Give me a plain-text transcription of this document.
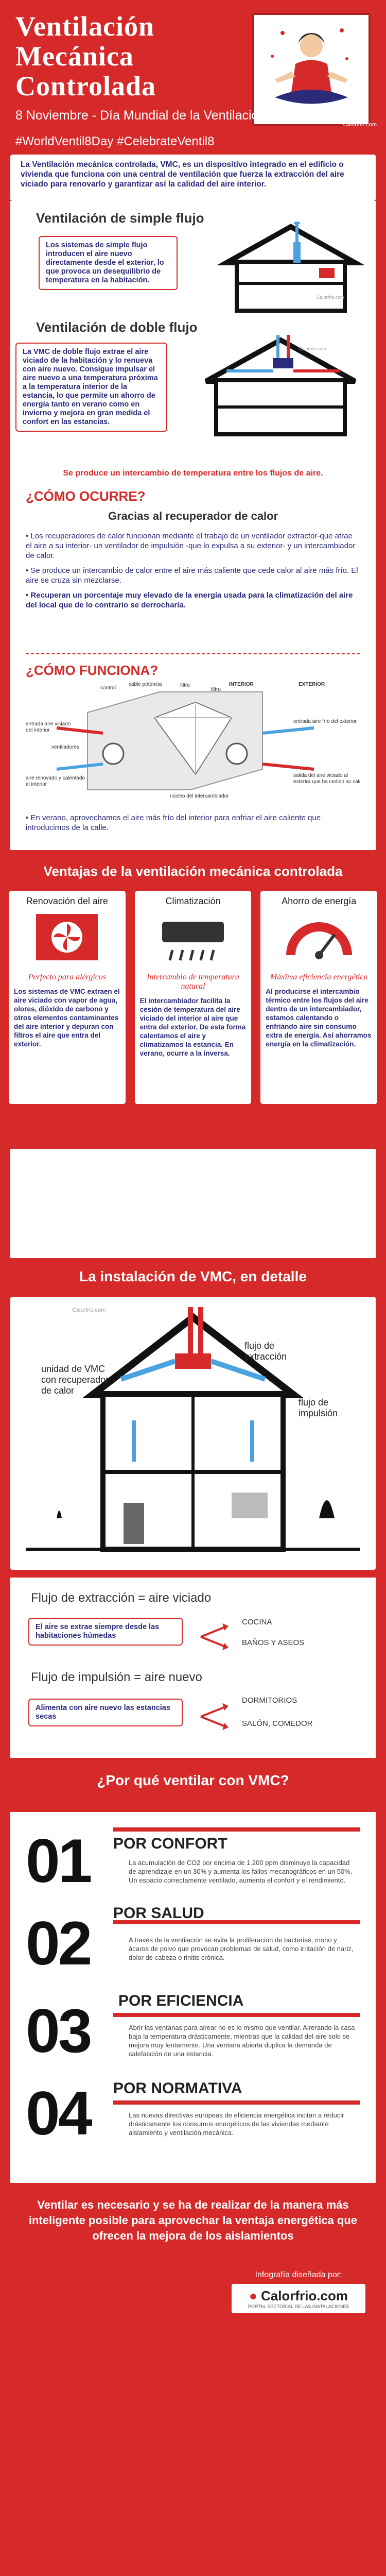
Ventilación
Mecánica
Controlada
Calorfrio.com
8 Noviembre - Día Mundial de la Ventilación
#WorldVentil8Day #CelebrateVentil8

La Ventilación mecánica controlada, VMC, es un dispositivo integrado en el edificio o vivienda que funciona con una central de ventilación que fuerza la extracción del aire viciado para renovarlo y garantizar así la calidad del aire interior.

Ventilación de simple flujo
Los sistemas de simple flujo introducen el aire nuevo directamente desde el exterior, lo que provoca un desequilibrio de temperatura en la habitación.
Calorfrio.com
Ventilación de doble flujo
La VMC de doble flujo extrae el aire viciado de la habitación y lo renueva con aire nuevo. Consigue impulsar el aire nuevo a una temperatura próxima a la temperatura interior de la estancia, lo que permite un ahorro de energía tanto en verano como en invierno y mejora en gran medida el confort en las estancias.
Calorfrio.com
Se produce un intercambio de temperatura entre los flujos de aire.
¿CÓMO OCURRE?
Gracias al recuperador de calor
• Los recuperadores de calor funcionan mediante el trabajo de un ventilador extractor-que atrae el aire a su interior- un ventilador de impulsión -que lo expulsa a su exterior- y un intercambiador de calor.
• Se produce un intercambio de calor entre el aire más caliente que cede calor al aire más frío. El aire se cruza sin mezclarse.
• Recuperan un porcentaje muy elevado de la energía usada para la climatización del aire del local que de lo contrario se derrocharía.
¿CÓMO FUNCIONA?
control
cable potencia	filtro
filtro
INTERIOR	EXTERIOR
entrada aire viciado
del interior
ventiladores
aire renovado y calentado
al interior
núcleo del intercambiador
entrada aire frío del exterior
salida del aire viciado al
exterior que ha cedido su calor
• En verano, aprovechamos el aire más frío del interior para enfriar el aire caliente que introducimos de la calle.
Ventajas de la ventilación mecánica controlada
Renovación del aire
Perfecto para alérgicos

Los sistemas de VMC extraen el aire viciado con vapor de agua, olores, dióxido de carbono y otros elementos contaminantes del aire interior y depuran con filtros el aire que entra del exterior.

Climatización
Intercambio de temperatura natural

El intercambiador facilita la cesión de temperatura del aire viciado del interior al aire que entra del exterior. De esta forma calentamos el aire y climatizamos la estancia. En verano, ocurre a la inversa.

Ahorro de energía
Máxima eficiencia energética

Al producirse el intercambio térmico entre los flujos del aire dentro de un intercambiador, estamos calentando o enfriando aire sin consumo extra de energía. Así ahorramos energía en la climatización.

La instalación de VMC, en detalle
unidad de VMC con recuperador de calor
flujo de extracción
flujo de impulsión
Calorfrio.com
Flujo de extracción = aire viciado
El aire se extrae siempre desde las habitaciones húmedas
COCINA
BAÑOS Y ASEOS
Flujo de impulsión = aire nuevo
Alimenta con aire nuevo las estancias secas
DORMITORIOS
SALÓN, COMEDOR
¿Por qué ventilar con VMC?
01 POR CONFORT

La acumulación de CO2 por encima de 1.200 ppm disminuye la capacidad de aprendizaje en un 30% y aumenta los fallos mecanográficos en un 50%. Un espacio correctamente ventilado, aumenta el confort y el rendimiento.

02 POR SALUD

A través de la ventilación se evita la proliferación de bacterias, moho y ácaros de polvo que provocan problemas de salud, como irritación de nariz, dolor de cabeza o rinitis crónica.

03 POR EFICIENCIA

Abrir las ventanas para airear no es lo mismo que ventilar. Airerando la casa baja la temperatura drásticamente, mientras que la calidad del aire solo se mejora muy lentamente. Una ventana abierta duplica la demanda de calefacción de una estancia.

04 POR NORMATIVA

Las nuevas directivas europeas de eficiencia energética incitan a reducir drásticamente los consumos energéticos de las viviendas mediante aislamiento y ventilación mecánica.

Ventilar es necesario y se ha de realizar de la manera más inteligente posible para aprovechar la ventaja energética que ofrecen la mejora de los aislamientos
Infografía diseñada por:
● Calorfrio.com
PORTAL SECTORIAL DE LAS INSTALACIONES
